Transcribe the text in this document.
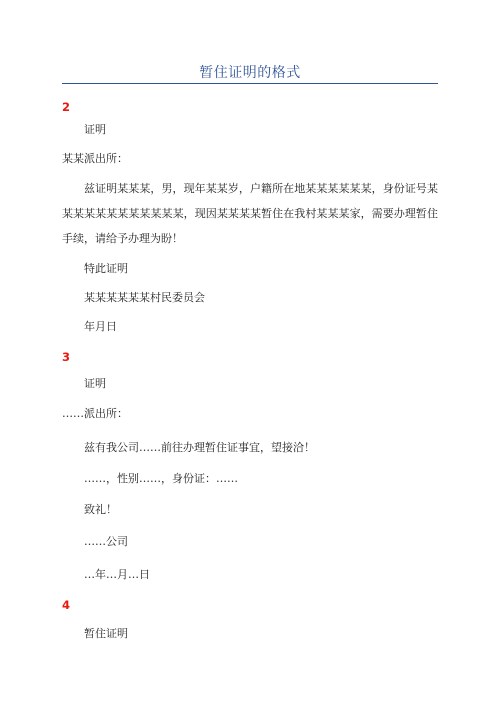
暂住证明的格式
2
证明
某某派出所：
兹证明某某某，男，现年某某岁，户籍所在地某某某某某某，身份证号某某某某某某某某某某某某，现因某某某某暂住在我村某某某家，需要办理暂住手续，请给予办理为盼！
特此证明
某某某某某某村民委员会
年月日
3
证明
……派出所：
兹有我公司……前往办理暂住证事宜，望接洽！
……，性别……，身份证：……
致礼！
……公司
…年…月…日
4
暂住证明
